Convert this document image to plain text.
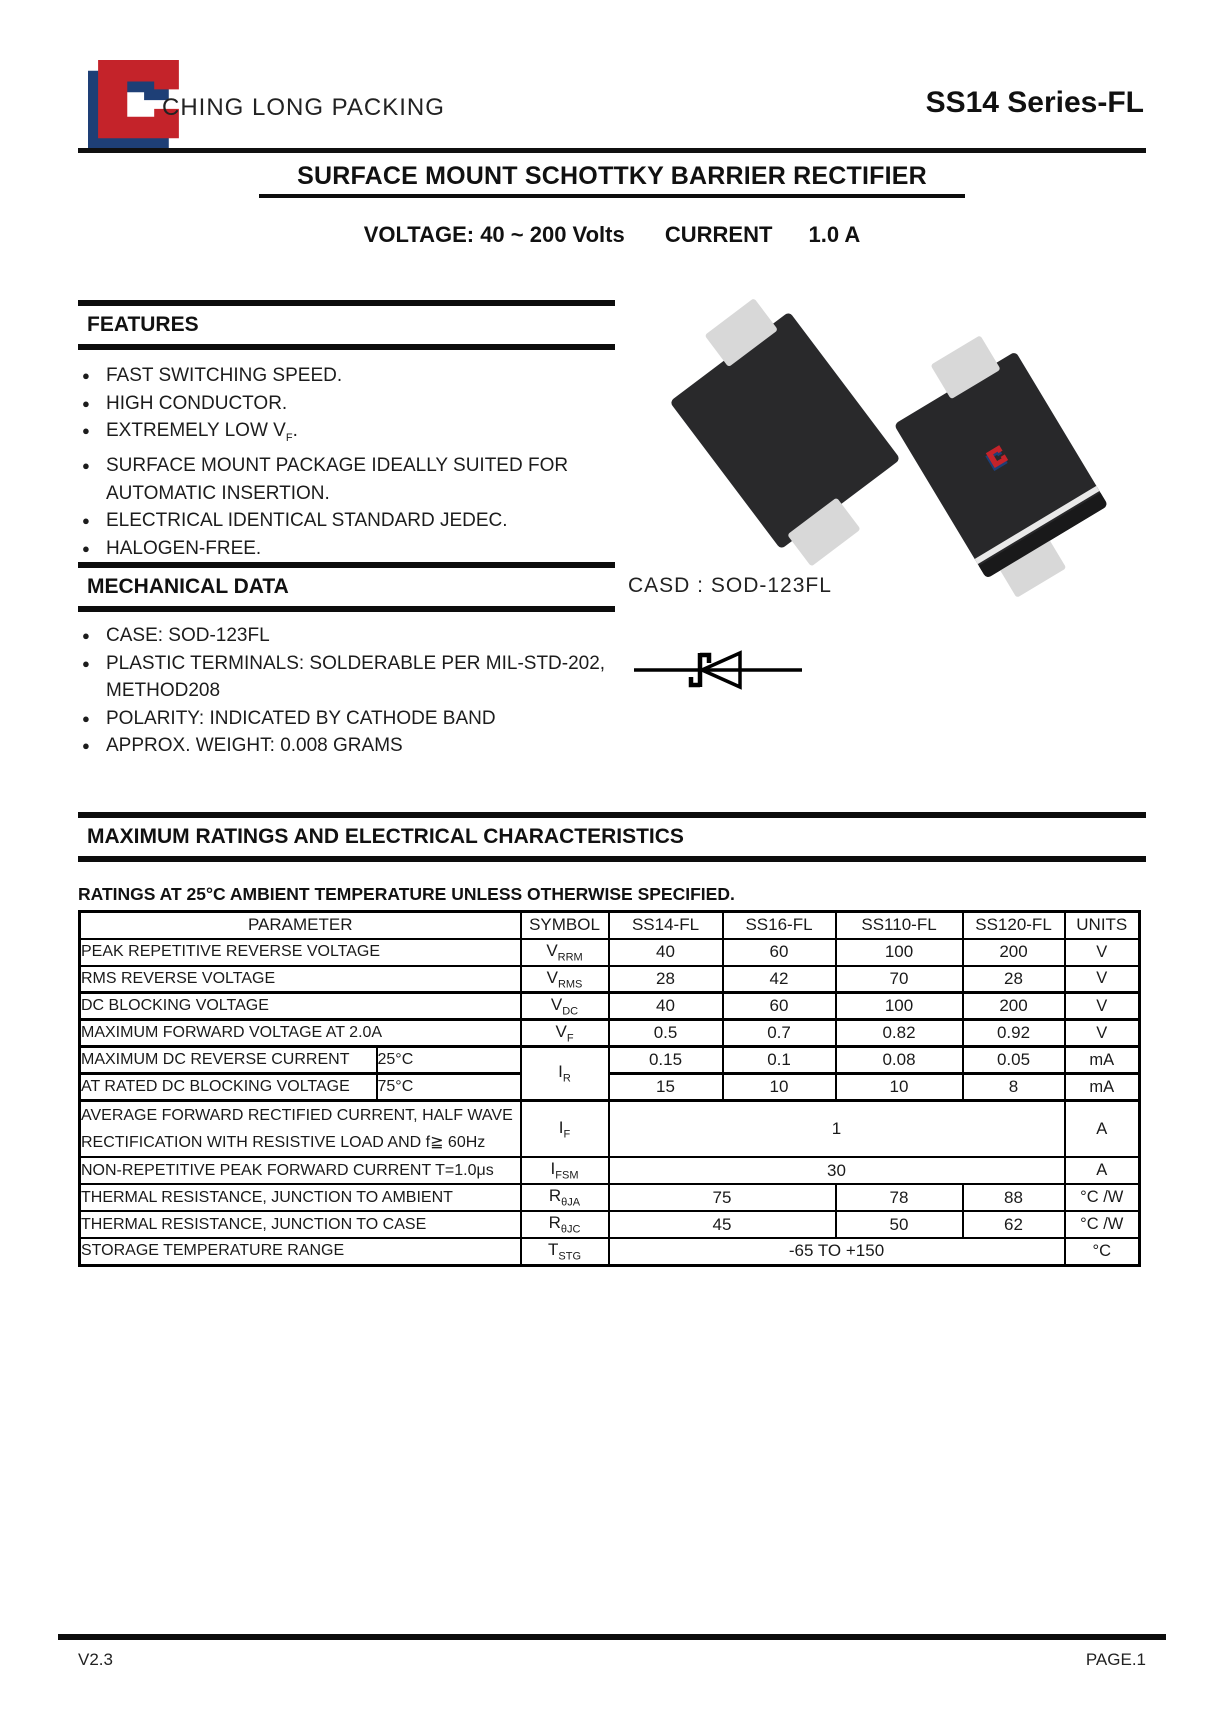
CHING LONG PACKING	SS14 Series-FL
SURFACE MOUNT SCHOTTKY BARRIER RECTIFIER
VOLTAGE: 40 ~ 200 Volts CURRENT 1.0 A
FEATURES
● FAST SWITCHING SPEED.
● HIGH CONDUCTOR.
● EXTREMELY LOW $V_F$.
● SURFACE MOUNT PACKAGE IDEALLY SUITED FOR
AUTOMATIC INSERTION.
● ELECTRICAL IDENTICAL STANDARD JEDEC.
● HALOGEN-FREE.
MECHANICAL DATA
● CASE: SOD-123FL
● PLASTIC TERMINALS: SOLDERABLE PER MIL-STD-202,
METHOD208
● POLARITY: INDICATED BY CATHODE BAND
● APPROX. WEIGHT: 0.008 GRAMS
CASD : SOD-123FL
MAXIMUM RATINGS AND ELECTRICAL CHARACTERISTICS
RATINGS AT 25°C AMBIENT TEMPERATURE UNLESS OTHERWISE SPECIFIED.
PARAMETER		SYMBOL	SS14-FL	SS16-FL	SS110-FL	SS120-FL	UNITS
PEAK REPETITIVE REVERSE VOLTAGE		$V_{RRM}$	40	60	100	200	V
RMS REVERSE VOLTAGE		$V_{RMS}$	28	42	70	28	V
DC BLOCKING VOLTAGE		$V_{DC}$	40	60	100	200	V
MAXIMUM FORWARD VOLTAGE AT 2.0A		$V_F$	0.5	0.7	0.82	0.92	V
MAXIMUM DC REVERSE CURRENT	25°C	$I_R$	0.15	0.1	0.08	0.05	mA
AT RATED DC BLOCKING VOLTAGE	75°C		15	10	10	8	mA
AVERAGE FORWARD RECTIFIED CURRENT, HALF WAVE
RECTIFICATION WITH RESISTIVE LOAD AND f≧ 60Hz		$I_F$	1				A
NON-REPETITIVE PEAK FORWARD CURRENT T=1.0μs		$I_{FSM}$	30				A
THERMAL RESISTANCE, JUNCTION TO AMBIENT		$R_{\theta JA}$	75		78	88	°C /W
THERMAL RESISTANCE, JUNCTION TO CASE		$R_{\theta JC}$	45		50	62	°C /W
STORAGE TEMPERATURE RANGE		$T_{STG}$	-65 TO +150				°C
V2.3	PAGE.1
